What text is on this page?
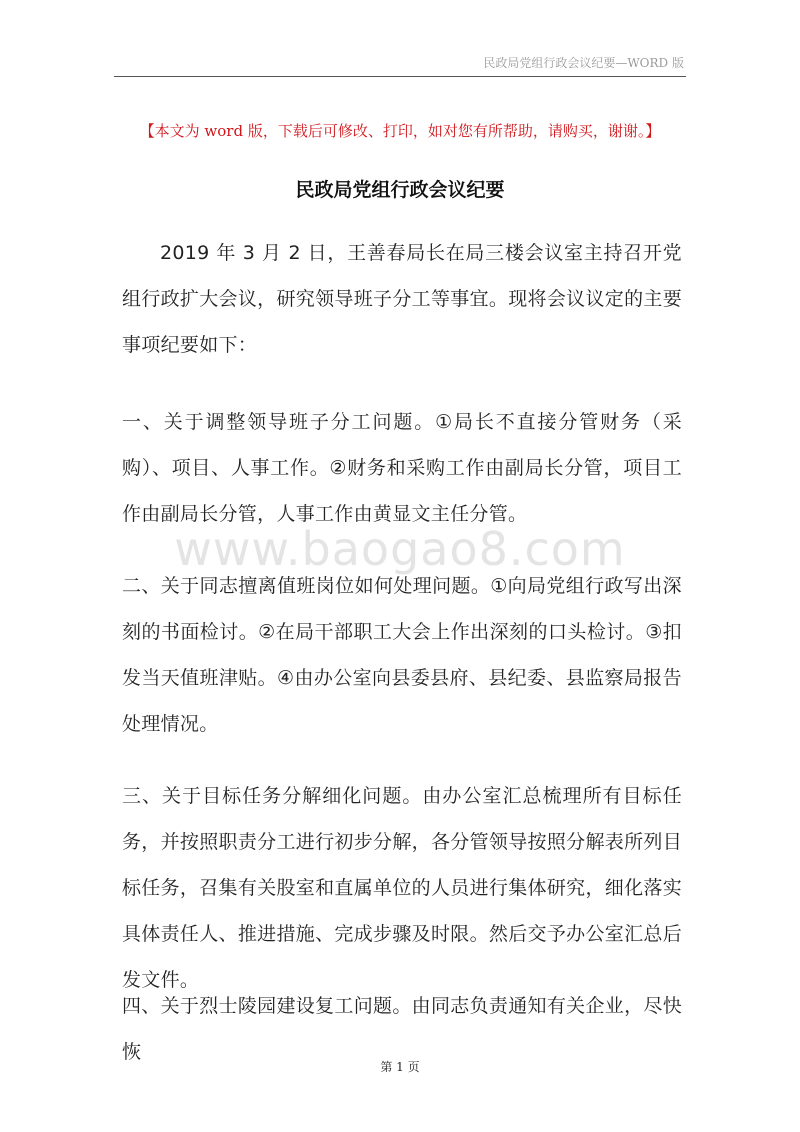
民政局党组行政会议纪要—WORD 版
【本文为 word 版，下载后可修改、打印，如对您有所帮助，请购买，谢谢。】
民政局党组行政会议纪要
2019 年 3 月 2 日，王善春局长在局三楼会议室主持召开党组行政扩大会议，研究领导班子分工等事宜。现将会议议定的主要事项纪要如下：
一、关于调整领导班子分工问题。①局长不直接分管财务（采购）、项目、人事工作。②财务和采购工作由副局长分管，项目工作由副局长分管，人事工作由黄显文主任分管。
www.baogao8.com
二、关于同志擅离值班岗位如何处理问题。①向局党组行政写出深刻的书面检讨。②在局干部职工大会上作出深刻的口头检讨。③扣发当天值班津贴。④由办公室向县委县府、县纪委、县监察局报告处理情况。
三、关于目标任务分解细化问题。由办公室汇总梳理所有目标任务，并按照职责分工进行初步分解，各分管领导按照分解表所列目标任务，召集有关股室和直属单位的人员进行集体研究，细化落实具体责任人、推进措施、完成步骤及时限。然后交予办公室汇总后发文件。
四、关于烈士陵园建设复工问题。由同志负责通知有关企业，尽快恢
第 1 页
